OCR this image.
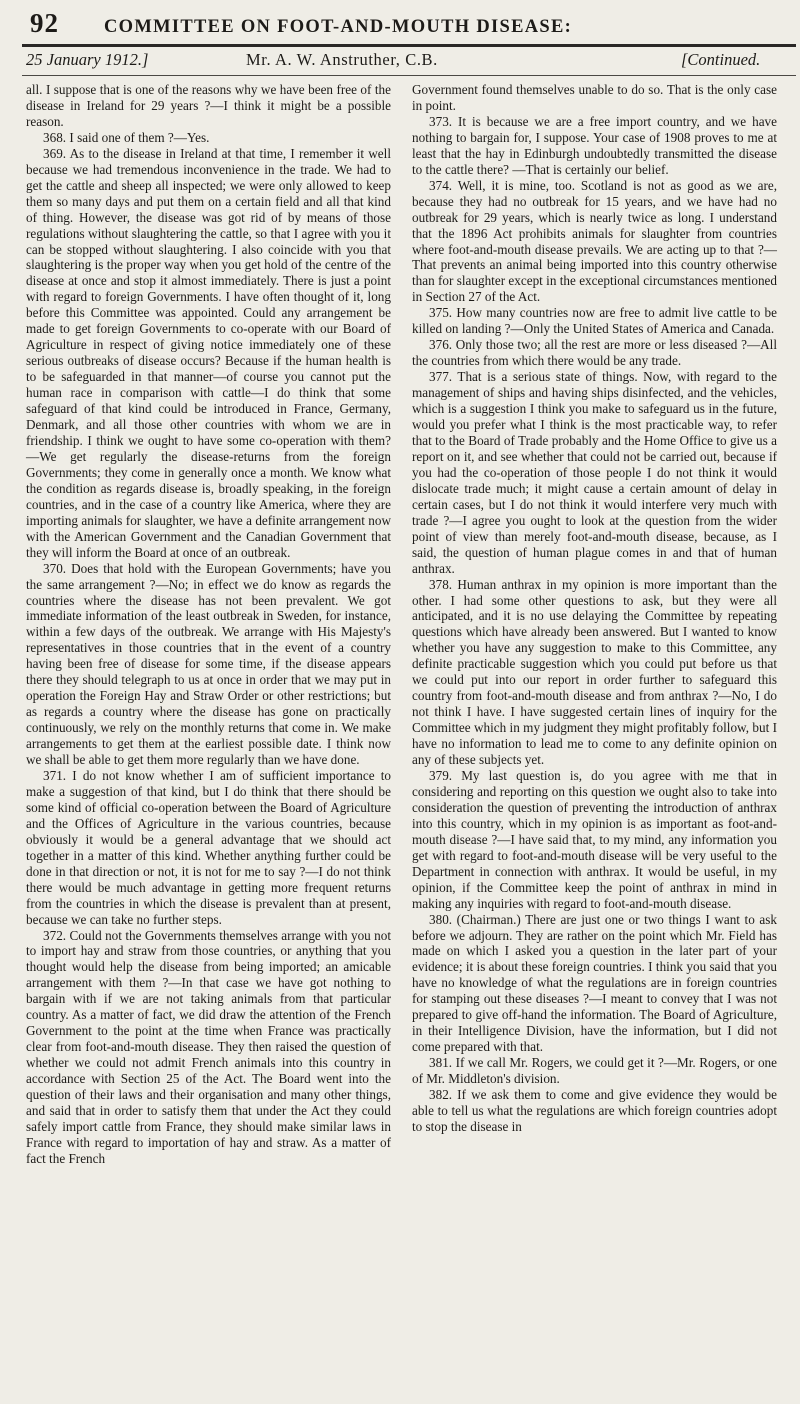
92 COMMITTEE ON FOOT-AND-MOUTH DISEASE:
25 January 1912.]	Mr. A. W. Anstruther, C.B.	[Continued.

all. I suppose that is one of the reasons why we have been free of the disease in Ireland for 29 years ?—I think it might be a possible reason.

368. I said one of them ?—Yes.

369. As to the disease in Ireland at that time, I remember it well because we had tremendous inconvenience in the trade. We had to get the cattle and sheep all inspected; we were only allowed to keep them so many days and put them on a certain field and all that kind of thing. However, the disease was got rid of by means of those regulations without slaughtering the cattle, so that I agree with you it can be stopped without slaughtering. I also coincide with you that slaughtering is the proper way when you get hold of the centre of the disease at once and stop it almost immediately. There is just a point with regard to foreign Governments. I have often thought of it, long before this Committee was appointed. Could any arrangement be made to get foreign Governments to co-operate with our Board of Agriculture in respect of giving notice immediately one of these serious outbreaks of disease occurs? Because if the human health is to be safeguarded in that manner—of course you cannot put the human race in comparison with cattle—I do think that some safeguard of that kind could be introduced in France, Germany, Denmark, and all those other countries with whom we are in friendship. I think we ought to have some co-operation with them? —We get regularly the disease-returns from the foreign Governments; they come in generally once a month. We know what the condition as regards disease is, broadly speaking, in the foreign countries, and in the case of a country like America, where they are importing animals for slaughter, we have a definite arrangement now with the American Government and the Canadian Government that they will inform the Board at once of an outbreak.

370. Does that hold with the European Governments; have you the same arrangement ?—No; in effect we do know as regards the countries where the disease has not been prevalent. We got immediate information of the least outbreak in Sweden, for instance, within a few days of the outbreak. We arrange with His Majesty's representatives in those countries that in the event of a country having been free of disease for some time, if the disease appears there they should telegraph to us at once in order that we may put in operation the Foreign Hay and Straw Order or other restrictions; but as regards a country where the disease has gone on practically continuously, we rely on the monthly returns that come in. We make arrangements to get them at the earliest possible date. I think now we shall be able to get them more regularly than we have done.

371. I do not know whether I am of sufficient importance to make a suggestion of that kind, but I do think that there should be some kind of official co-operation between the Board of Agriculture and the Offices of Agriculture in the various countries, because obviously it would be a general advantage that we should act together in a matter of this kind. Whether anything further could be done in that direction or not, it is not for me to say ?—I do not think there would be much advantage in getting more frequent returns from the countries in which the disease is prevalent than at present, because we can take no further steps.

372. Could not the Governments themselves arrange with you not to import hay and straw from those countries, or anything that you thought would help the disease from being imported; an amicable arrangement with them ?—In that case we have got nothing to bargain with if we are not taking animals from that particular country. As a matter of fact, we did draw the attention of the French Government to the point at the time when France was practically clear from foot-and-mouth disease. They then raised the question of whether we could not admit French animals into this country in accordance with Section 25 of the Act. The Board went into the question of their laws and their organisation and many other things, and said that in order to satisfy them that under the Act they could safely import cattle from France, they should make similar laws in France with regard to importation of hay and straw. As a matter of fact the French

Government found themselves unable to do so. That is the only case in point.

373. It is because we are a free import country, and we have nothing to bargain for, I suppose. Your case of 1908 proves to me at least that the hay in Edinburgh undoubtedly transmitted the disease to the cattle there? —That is certainly our belief.

374. Well, it is mine, too. Scotland is not as good as we are, because they had no outbreak for 15 years, and we have had no outbreak for 29 years, which is nearly twice as long. I understand that the 1896 Act prohibits animals for slaughter from countries where foot-and-mouth disease prevails. We are acting up to that ?—That prevents an animal being imported into this country otherwise than for slaughter except in the exceptional circumstances mentioned in Section 27 of the Act.

375. How many countries now are free to admit live cattle to be killed on landing ?—Only the United States of America and Canada.

376. Only those two; all the rest are more or less diseased ?—All the countries from which there would be any trade.

377. That is a serious state of things. Now, with regard to the management of ships and having ships disinfected, and the vehicles, which is a suggestion I think you make to safeguard us in the future, would you prefer what I think is the most practicable way, to refer that to the Board of Trade probably and the Home Office to give us a report on it, and see whether that could not be carried out, because if you had the co-operation of those people I do not think it would dislocate trade much; it might cause a certain amount of delay in certain cases, but I do not think it would interfere very much with trade ?—I agree you ought to look at the question from the wider point of view than merely foot-and-mouth disease, because, as I said, the question of human plague comes in and that of human anthrax.

378. Human anthrax in my opinion is more important than the other. I had some other questions to ask, but they were all anticipated, and it is no use delaying the Committee by repeating questions which have already been answered. But I wanted to know whether you have any suggestion to make to this Committee, any definite practicable suggestion which you could put before us that we could put into our report in order further to safeguard this country from foot-and-mouth disease and from anthrax ?—No, I do not think I have. I have suggested certain lines of inquiry for the Committee which in my judgment they might profitably follow, but I have no information to lead me to come to any definite opinion on any of these subjects yet.

379. My last question is, do you agree with me that in considering and reporting on this question we ought also to take into consideration the question of preventing the introduction of anthrax into this country, which in my opinion is as important as foot-and-mouth disease ?—I have said that, to my mind, any information you get with regard to foot-and-mouth disease will be very useful to the Department in connection with anthrax. It would be useful, in my opinion, if the Committee keep the point of anthrax in mind in making any inquiries with regard to foot-and-mouth disease.

380. (Chairman.) There are just one or two things I want to ask before we adjourn. They are rather on the point which Mr. Field has made on which I asked you a question in the later part of your evidence; it is about these foreign countries. I think you said that you have no knowledge of what the regulations are in foreign countries for stamping out these diseases ?—I meant to convey that I was not prepared to give off-hand the information. The Board of Agriculture, in their Intelligence Division, have the information, but I did not come prepared with that.

381. If we call Mr. Rogers, we could get it ?—Mr. Rogers, or one of Mr. Middleton's division.

382. If we ask them to come and give evidence they would be able to tell us what the regulations are which foreign countries adopt to stop the disease in
